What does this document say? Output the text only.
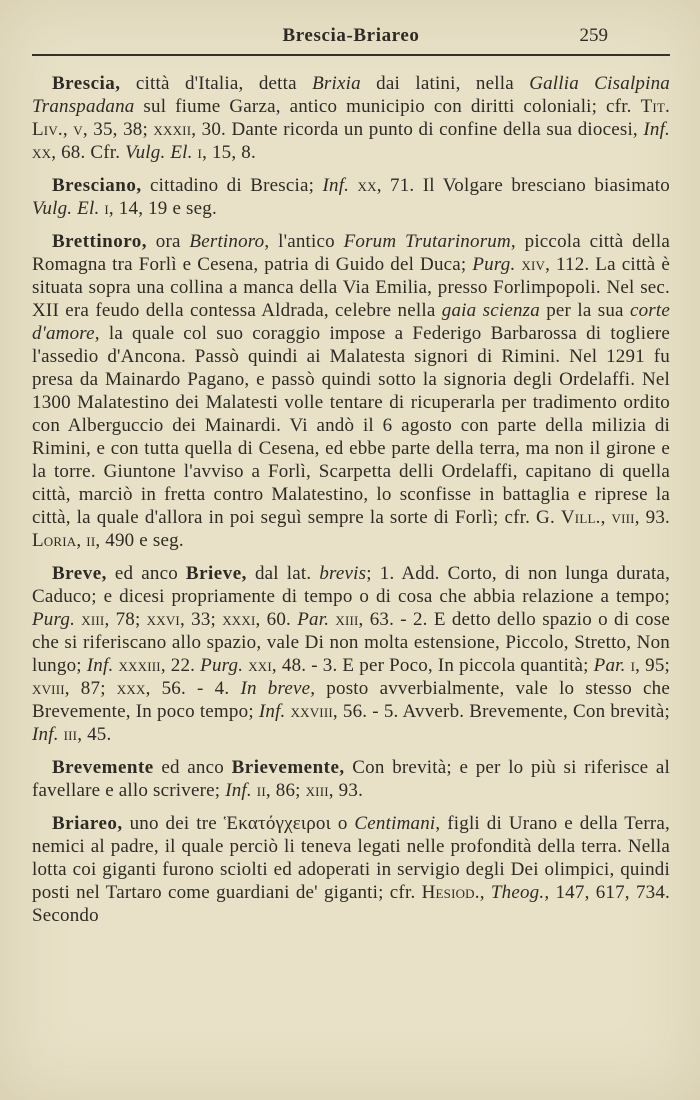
Brescia-Briareo	259

Brescia, città d'Italia, detta Brixia dai latini, nella Gallia Cisalpina Transpadana sul fiume Garza, antico municipio con diritti coloniali; cfr. Tit. Liv., v, 35, 38; xxxii, 30. Dante ricorda un punto di confine della sua diocesi, Inf. xx, 68. Cfr. Vulg. El. i, 15, 8.

Bresciano, cittadino di Brescia; Inf. xx, 71. Il Volgare bresciano biasimato Vulg. El. i, 14, 19 e seg.

Brettinoro, ora Bertinoro, l'antico Forum Trutarinorum, piccola città della Romagna tra Forlì e Cesena, patria di Guido del Duca; Purg. xiv, 112. La città è situata sopra una collina a manca della Via Emilia, presso Forlimpopoli. Nel sec. XII era feudo della contessa Aldrada, celebre nella gaia scienza per la sua corte d'amore, la quale col suo coraggio impose a Federigo Barbarossa di togliere l'assedio d'Ancona. Passò quindi ai Malatesta signori di Rimini. Nel 1291 fu presa da Mainardo Pagano, e passò quindi sotto la signoria degli Ordelaffi. Nel 1300 Malatestino dei Malatesti volle tentare di ricuperarla per tradimento ordito con Alberguccio dei Mainardi. Vi andò il 6 agosto con parte della milizia di Rimini, e con tutta quella di Cesena, ed ebbe parte della terra, ma non il girone e la torre. Giuntone l'avviso a Forlì, Scarpetta delli Ordelaffi, capitano di quella città, marciò in fretta contro Malatestino, lo sconfisse in battaglia e riprese la città, la quale d'allora in poi seguì sempre la sorte di Forlì; cfr. G. Vill., viii, 93. Loria, ii, 490 e seg.

Breve, ed anco Brieve, dal lat. brevis; 1. Add. Corto, di non lunga durata, Caduco; e dicesi propriamente di tempo o di cosa che abbia relazione a tempo; Purg. xiii, 78; xxvi, 33; xxxi, 60. Par. xiii, 63. - 2. E detto dello spazio o di cose che si riferiscano allo spazio, vale Di non molta estensione, Piccolo, Stretto, Non lungo; Inf. xxxiii, 22. Purg. xxi, 48. - 3. E per Poco, In piccola quantità; Par. i, 95; xviii, 87; xxx, 56. - 4. In breve, posto avverbialmente, vale lo stesso che Brevemente, In poco tempo; Inf. xxviii, 56. - 5. Avverb. Brevemente, Con brevità; Inf. iii, 45.

Brevemente ed anco Brievemente, Con brevità; e per lo più si riferisce al favellare e allo scrivere; Inf. ii, 86; xiii, 93.

Briareo, uno dei tre Ἑκατόγχειροι o Centimani, figli di Urano e della Terra, nemici al padre, il quale perciò li teneva legati nelle profondità della terra. Nella lotta coi giganti furono sciolti ed adoperati in servigio degli Dei olimpici, quindi posti nel Tartaro come guardiani de' giganti; cfr. Hesiod., Theog., 147, 617, 734. Secondo
